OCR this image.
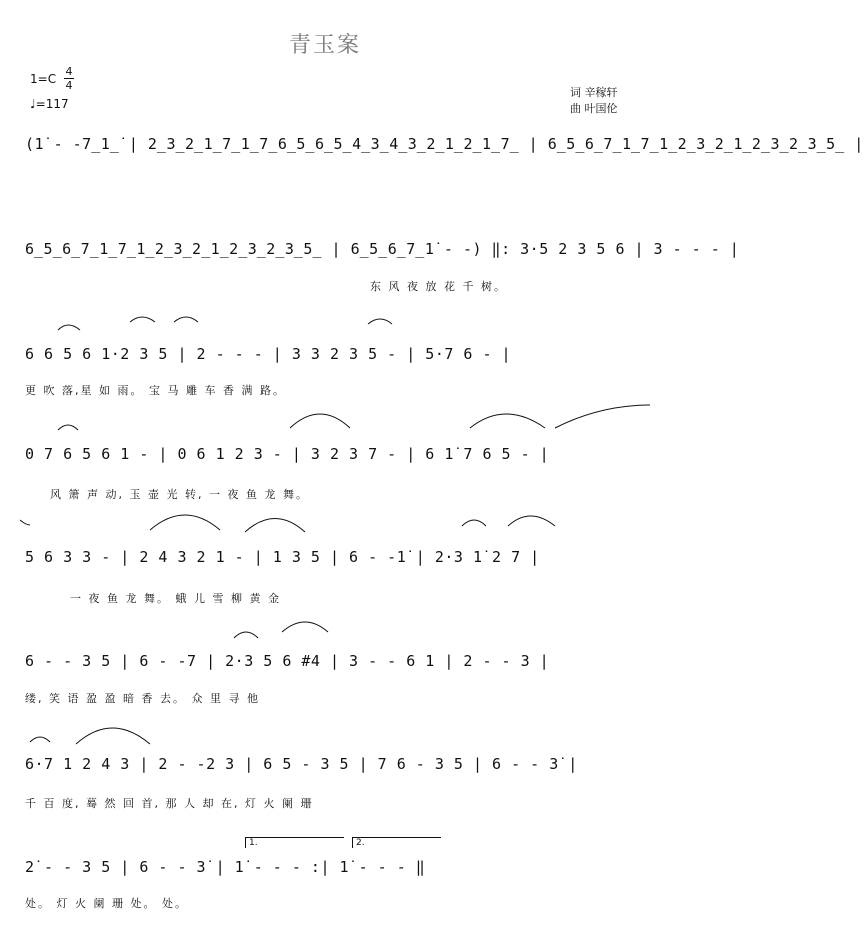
青玉案
1=C
4
4
♩=117
词 辛稼轩
曲 叶国伦
(1̇ - -7̲1̲̇ | 2̲3̲2̲1̲7̲1̲7̲6̲5̲6̲5̲4̲3̲4̲3̲2̲1̲2̲1̲7̲ | 6̲5̲6̲7̲1̲7̲1̲2̲3̲2̲1̲2̲3̲2̲3̲5̲ |
6̲5̲6̲7̲1̲7̲1̲2̲3̲2̲1̲2̲3̲2̲3̲5̲ | 6̲5̲6̲7̲1̇ - -) ‖: 3·5 2 3 5 6 | 3 - - - |
东 风 夜 放 花 千 树。
6 6 5 6 1·2 3 5 | 2 - - - | 3 3 2 3 5 - | 5·7 6 - |
更 吹 落,星 如 雨。 宝 马 雕 车 香 满 路。
0 7 6 5 6 1 - | 0 6 1 2 3 - | 3 2 3 7 - | 6 1̇ 7 6 5 - |
风 箫 声 动, 玉 壶 光 转, 一 夜 鱼 龙 舞。
5 6 3 3 - | 2 4 3 2 1 - | 1 3 5 | 6 - -1̇ | 2·3 1̇ 2 7 |
一 夜 鱼 龙 舞。 蛾 儿 雪 柳 黄 金
6 - - 3 5 | 6 - -7 | 2·3 5 6 #4 | 3 - - 6 1 | 2 - - 3 |
缕, 笑 语 盈 盈 暗 香 去。 众 里 寻 他
6·7 1 2 4 3 | 2 - -2 3 | 6 5 - 3 5 | 7 6 - 3 5 | 6 - - 3̇ |
千 百 度, 蓦 然 回 首, 那 人 却 在, 灯 火 阑 珊
1.	2.
2̇ - - 3 5 | 6 - - 3̇ | 1̇ - - - :| 1̇ - - - ‖
处。 灯 火 阑 珊 处。 处。
